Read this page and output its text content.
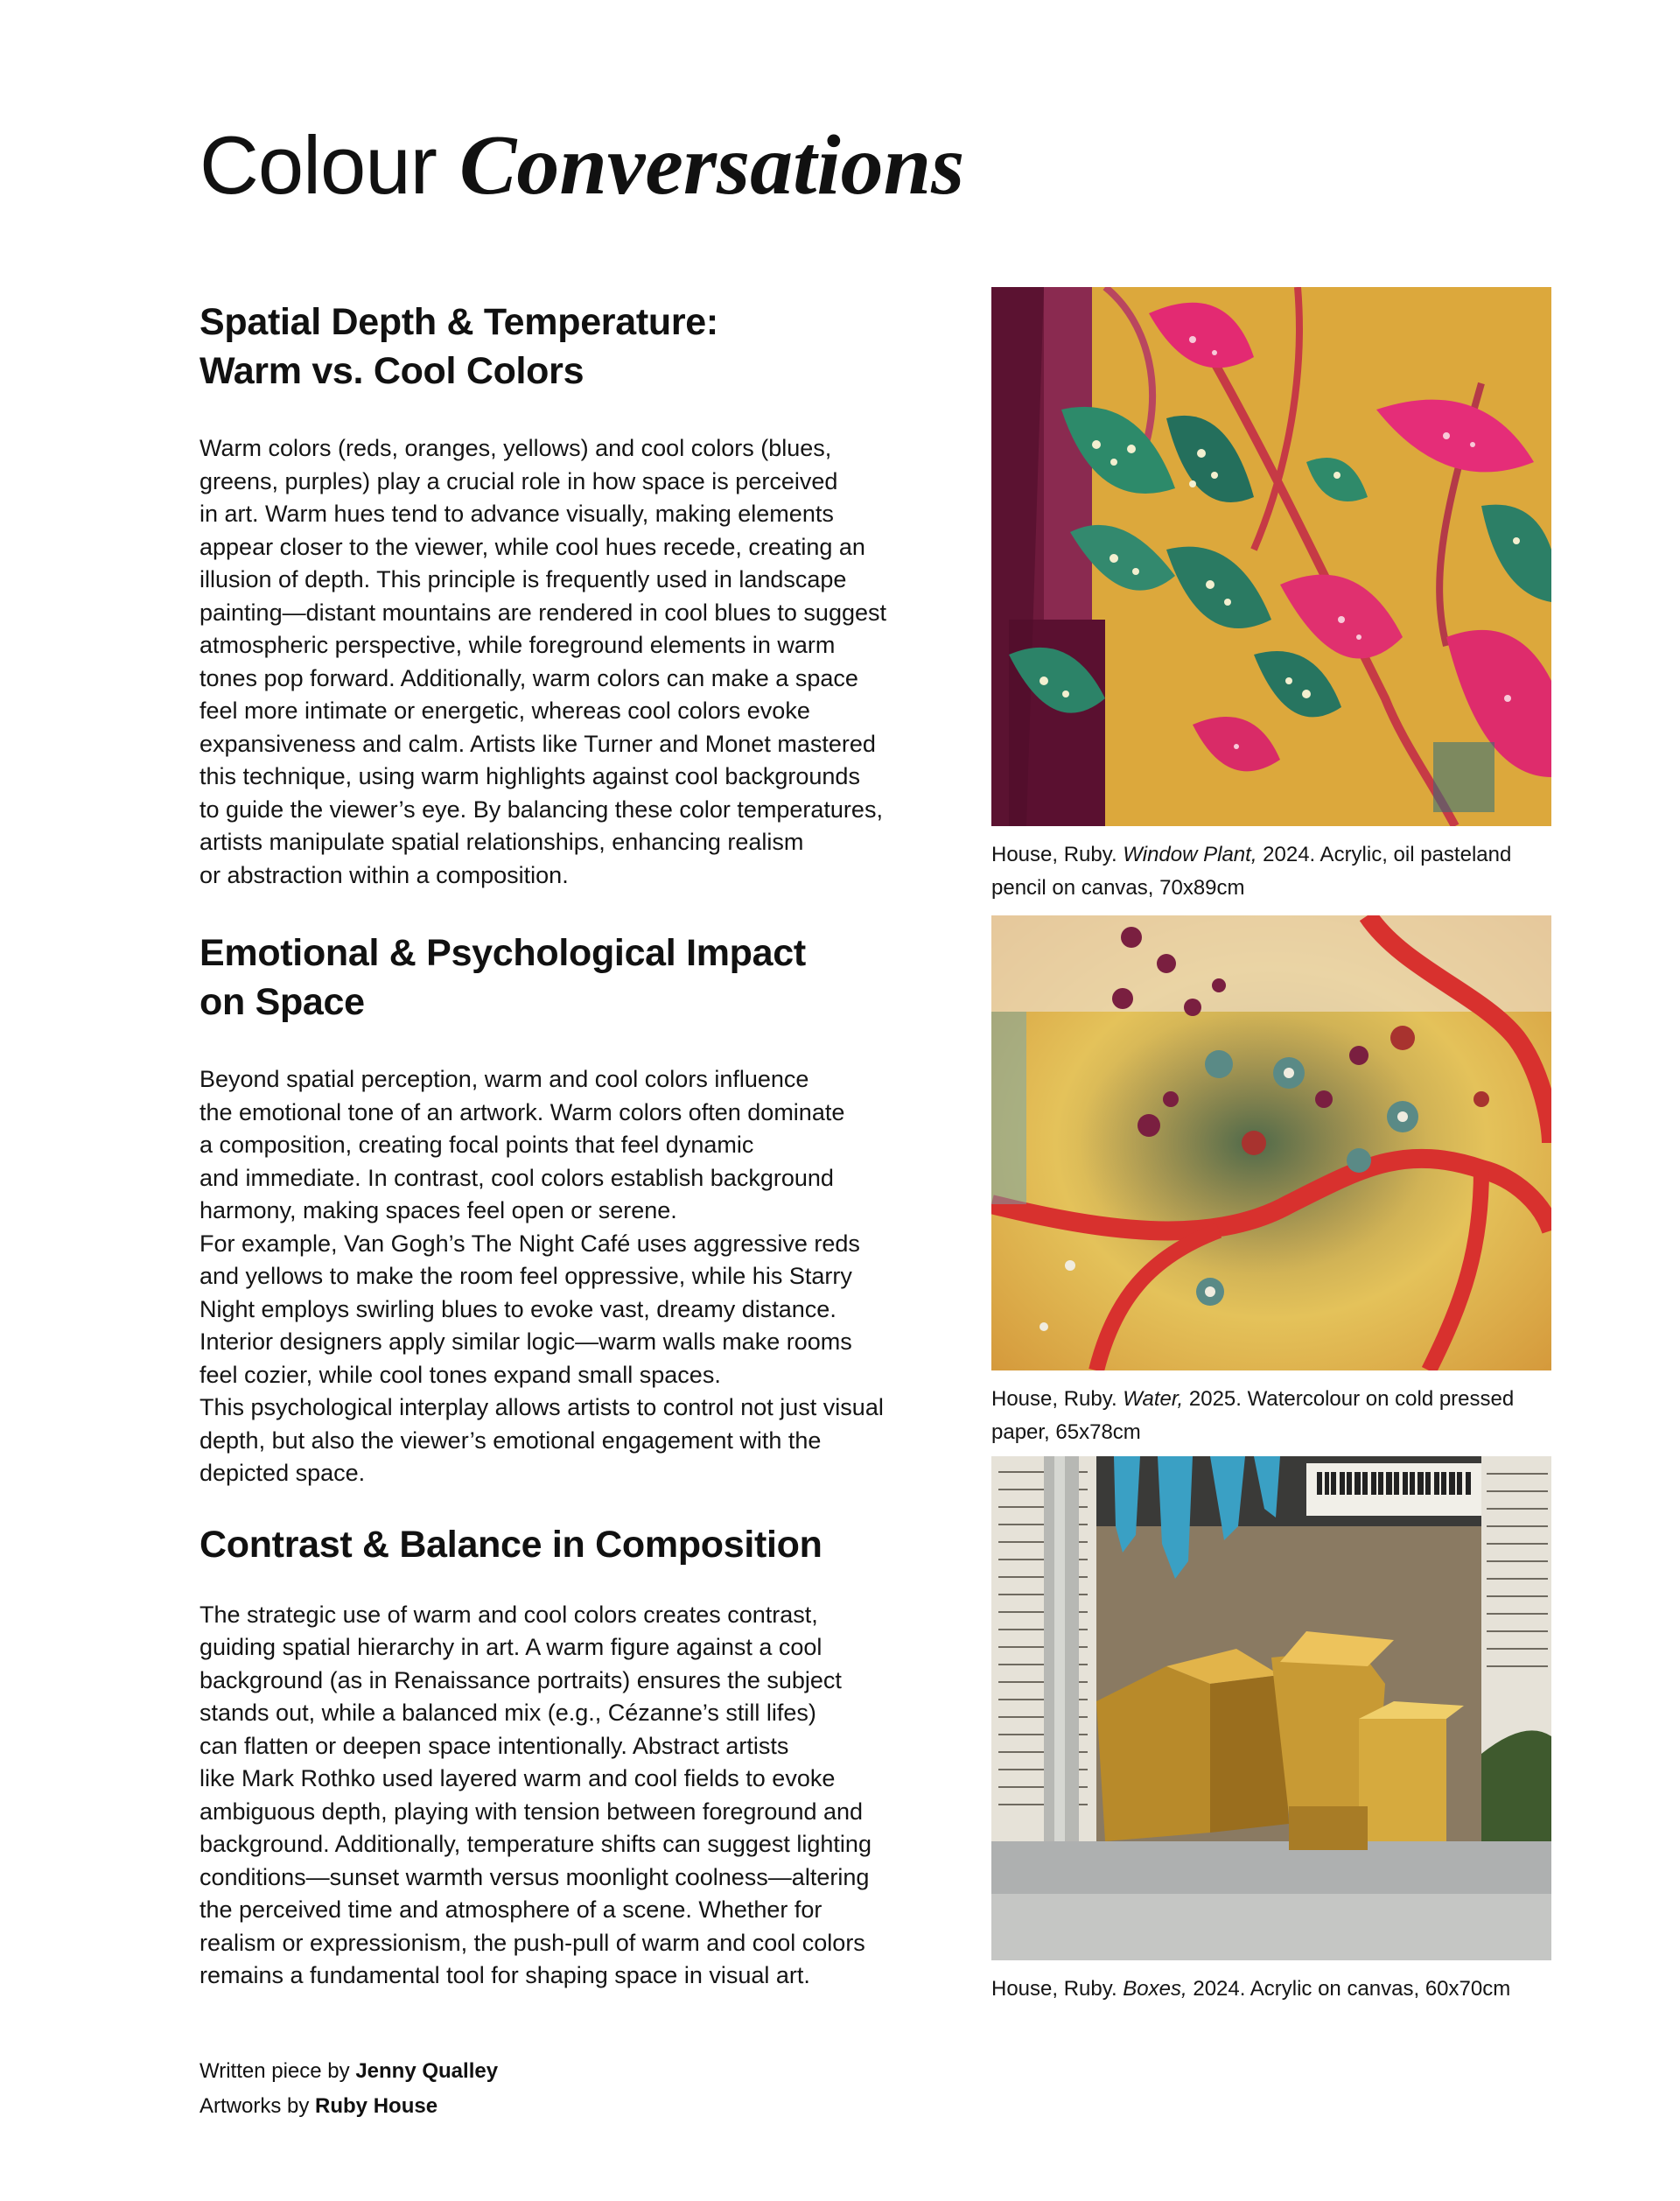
Colour Conversations
Spatial Depth & Temperature:
Warm vs. Cool Colors

Warm colors (reds, oranges, yellows) and cool colors (blues,
greens, purples) play a crucial role in how space is perceived
in art. Warm hues tend to advance visually, making elements
appear closer to the viewer, while cool hues recede, creating an
illusion of depth. This principle is frequently used in landscape
painting—distant mountains are rendered in cool blues to suggest
atmospheric perspective, while foreground elements in warm
tones pop forward. Additionally, warm colors can make a space
feel more intimate or energetic, whereas cool colors evoke
expansiveness and calm. Artists like Turner and Monet mastered
this technique, using warm highlights against cool backgrounds
to guide the viewer’s eye. By balancing these color temperatures,
artists manipulate spatial relationships, enhancing realism
or abstraction within a composition.

Emotional & Psychological Impact
on Space

Beyond spatial perception, warm and cool colors influence
the emotional tone of an artwork. Warm colors often dominate
a composition, creating focal points that feel dynamic
and immediate. In contrast, cool colors establish background
harmony, making spaces feel open or serene.
For example, Van Gogh’s The Night Café uses aggressive reds
and yellows to make the room feel oppressive, while his Starry
Night employs swirling blues to evoke vast, dreamy distance.
Interior designers apply similar logic—warm walls make rooms
feel cozier, while cool tones expand small spaces.
This psychological interplay allows artists to control not just visual
depth, but also the viewer’s emotional engagement with the
depicted space.

Contrast & Balance in Composition

The strategic use of warm and cool colors creates contrast,
guiding spatial hierarchy in art. A warm figure against a cool
background (as in Renaissance portraits) ensures the subject
stands out, while a balanced mix (e.g., Cézanne’s still lifes)
can flatten or deepen space intentionally. Abstract artists
like Mark Rothko used layered warm and cool fields to evoke
ambiguous depth, playing with tension between foreground and
background. Additionally, temperature shifts can suggest lighting
conditions—sunset warmth versus moonlight coolness—altering
the perceived time and atmosphere of a scene. Whether for
realism or expressionism, the push-pull of warm and cool colors
remains a fundamental tool for shaping space in visual art.

Written piece by Jenny Qualley
Artworks by Ruby House
House, Ruby. Window Plant, 2024. Acrylic, oil pasteland
pencil on canvas, 70x89cm
House, Ruby. Water, 2025. Watercolour on cold pressed
paper, 65x78cm
House, Ruby. Boxes, 2024. Acrylic on canvas, 60x70cm
